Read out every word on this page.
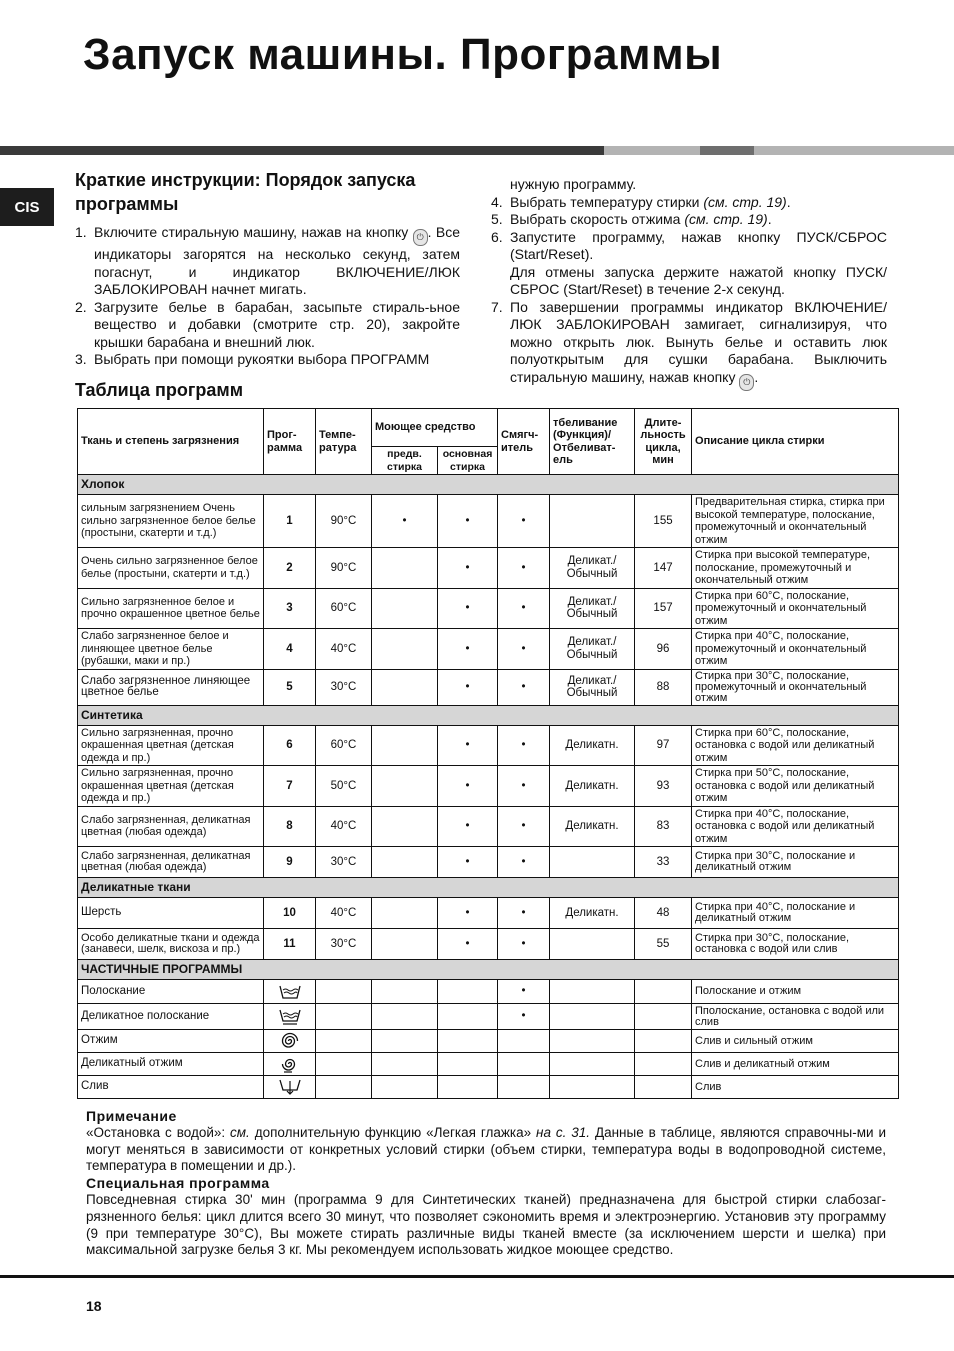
Запуск машины. Программы
CIS
Краткие инструкции: Порядок запуска программы
1. Включите стиральную машину, нажав на кнопку ⏻ . Все индикаторы загорятся на несколько секунд, затем погаснут, и индикатор ВКЛЮЧЕНИЕ/ЛЮК ЗАБЛОКИРОВАН начнет мигать.
2. Загрузите белье в барабан, засыпьте стираль-ьное вещество и добавки (смотрите стр. 20), закройте крышки барабана и внешний люк.
3. Выбрать при помощи рукоятки выбора ПРОГРАММ
нужную программу.
4. Выбрать температуру стирки (см. стр. 19).
5. Выбрать скорость отжима (см. стр. 19).
6. Запустите программу, нажав кнопку ПУСК/СБРОС (Start/Reset).
Для отмены запуска держите нажатой кнопку ПУСК/СБРОС (Start/Reset) в течение 2-х секунд.
7. По завершении программы индикатор ВКЛЮЧЕНИЕ/ЛЮК ЗАБЛОКИРОВАН замигает, сигнализируя, что можно открыть люк. Вынуть белье и оставить люк полуоткрытым для сушки барабана. Выключить стиральную машину, нажав кнопку ⏻ .
Таблица программ
Ткань и степень загрязнения	Прог-рамма	Темпе-ратура	Моющее средство		Смягч-итель	тбеливание (Функция)/ Отбеливат-ель	Длите-льность цикла, мин	Описание цикла стирки
			предв. стирка	основная стирка				
Хлопок								
сильным загрязнением Очень сильно загрязненное белое белье (простыни, скатерти и т.д.)	1	90°C	•	•	•		155	Предварительная стирка, стирка при высокой температуре, полоскание, промежуточный и окончательный отжим
Очень сильно загрязненное белое белье (простыни, скатерти и т.д.)	2	90°C		•	•	Деликат./ Обычный	147	Стирка при высокой температуре, полоскание, промежуточный и окончательный отжим
Сильно загрязненное белое и прочно окрашенное цветное белье	3	60°C		•	•	Деликат./ Обычный	157	Стирка при 60°C, полоскание, промежуточный и окончательный отжим
Слабо загрязненное белое и линяющее цветное белье (рубашки, маки и пр.)	4	40°C		•	•	Деликат./ Обычный	96	Стирка при 40°C, полоскание, промежуточный и окончательный отжим
Слабо загрязненное линяющее цветное белье	5	30°C		•	•	Деликат./ Обычный	88	Стирка при 30°C, полоскание, промежуточный и окончательный отжим
Синтетика								
Сильно загрязненная, прочно окрашенная цветная (детская одежда и пр.)	6	60°C		•	•	Деликатн.	97	Стирка при 60°C, полоскание, остановка с водой или деликатный отжим
Сильно загрязненная, прочно окрашенная цветная (детская одежда и пр.)	7	50°C		•	•	Деликатн.	93	Стирка при 50°C, полоскание, остановка с водой или деликатный отжим
Слабо загрязненная, деликатная цветная (любая одежда)	8	40°C		•	•	Деликатн.	83	Стирка при 40°C, полоскание, остановка с водой или деликатный отжим
Слабо загрязненная, деликатная цветная (любая одежда)	9	30°C		•	•		33	Стирка при 30°C, полоскание и деликатный отжим
Деликатные ткани								
Шерсть	10	40°C		•	•	Деликатн.	48	Стирка при 40°C, полоскание и деликатный отжим
Особо деликатные ткани и одежда (занавеси, шелк, вискоза и пр.)	11	30°C		•	•		55	Стирка при 30°C, полоскание, остановка с водой или слив
ЧАСТИЧНЫЕ ПРОГРАММЫ								
Полоскание					•			Полоскание и отжим
Деликатное полоскание					•			Пполоскание, остановка с водой или слив
Отжим								Слив и сильный отжим
Деликатный отжим								Слив и деликатный отжим
Слив								Слив
Примечание

«Остановка с водой»: см. дополнительную функцию «Легкая глажка» на с. 31. Данные в таблице, являются справочны-ми и могут меняться в зависимости от конкретных условий стирки (объем стирки, температура воды в водопроводной системе, температура в помещении и др.).

Специальная программа

Повседневная стирка 30' мин (программа 9 для Синтетических тканей) предназначена для быстрой стирки слабозаг-рязненного белья: цикл длится всего 30 минут, что позволяет сэкономить время и электроэнергию. Установив эту программу (9 при температуре 30°C), Вы можете стирать различные виды тканей вместе (за исключением шерсти и шелка) при максимальной загрузке белья 3 кг. Мы рекомендуем использовать жидкое моющее средство.

18
